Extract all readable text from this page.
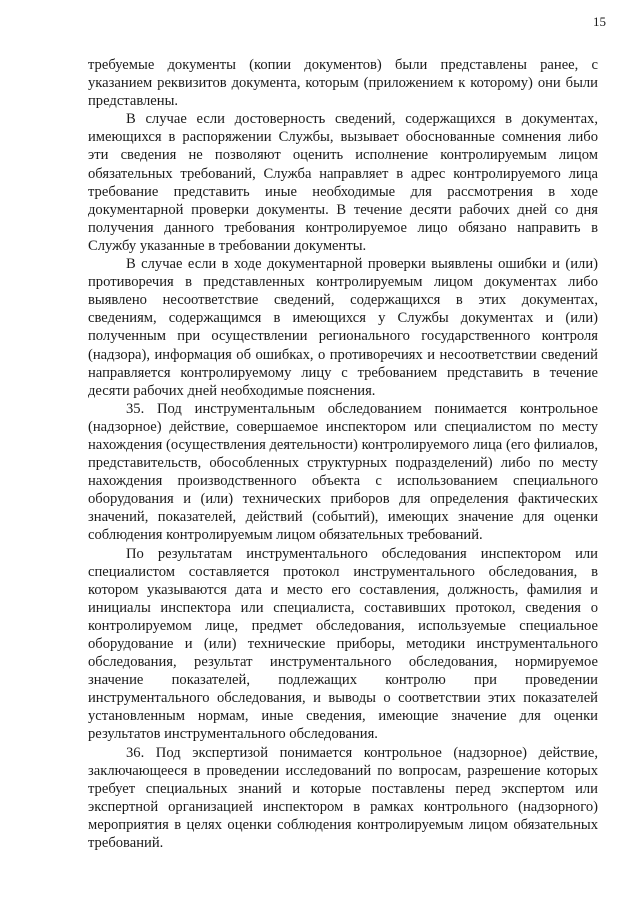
15

требуемые документы (копии документов) были представлены ранее, с указанием реквизитов документа, которым (приложением к которому) они были представлены.

В случае если достоверность сведений, содержащихся в документах, имеющихся в распоряжении Службы, вызывает обоснованные сомнения либо эти сведения не позволяют оценить исполнение контролируемым лицом обязательных требований, Служба направляет в адрес контролируемого лица требование представить иные необходимые для рассмотрения в ходе документарной проверки документы. В течение десяти рабочих дней со дня получения данного требования контролируемое лицо обязано направить в Службу указанные в требовании документы.

В случае если в ходе документарной проверки выявлены ошибки и (или) противоречия в представленных контролируемым лицом документах либо выявлено несоответствие сведений, содержащихся в этих документах, сведениям, содержащимся в имеющихся у Службы документах и (или) полученным при осуществлении регионального государственного контроля (надзора), информация об ошибках, о противоречиях и несоответствии сведений направляется контролируемому лицу с требованием представить в течение десяти рабочих дней необходимые пояснения.

35. Под инструментальным обследованием понимается контрольное (надзорное) действие, совершаемое инспектором или специалистом по месту нахождения (осуществления деятельности) контролируемого лица (его филиалов, представительств, обособленных структурных подразделений) либо по месту нахождения производственного объекта с использованием специального оборудования и (или) технических приборов для определения фактических значений, показателей, действий (событий), имеющих значение для оценки соблюдения контролируемым лицом обязательных требований.

По результатам инструментального обследования инспектором или специалистом составляется протокол инструментального обследования, в котором указываются дата и место его составления, должность, фамилия и инициалы инспектора или специалиста, составивших протокол, сведения о контролируемом лице, предмет обследования, используемые специальное оборудование и (или) технические приборы, методики инструментального обследования, результат инструментального обследования, нормируемое значение показателей, подлежащих контролю при проведении инструментального обследования, и выводы о соответствии этих показателей установленным нормам, иные сведения, имеющие значение для оценки результатов инструментального обследования.

36. Под экспертизой понимается контрольное (надзорное) действие, заключающееся в проведении исследований по вопросам, разрешение которых требует специальных знаний и которые поставлены перед экспертом или экспертной организацией инспектором в рамках контрольного (надзорного) мероприятия в целях оценки соблюдения контролируемым лицом обязательных требований.
